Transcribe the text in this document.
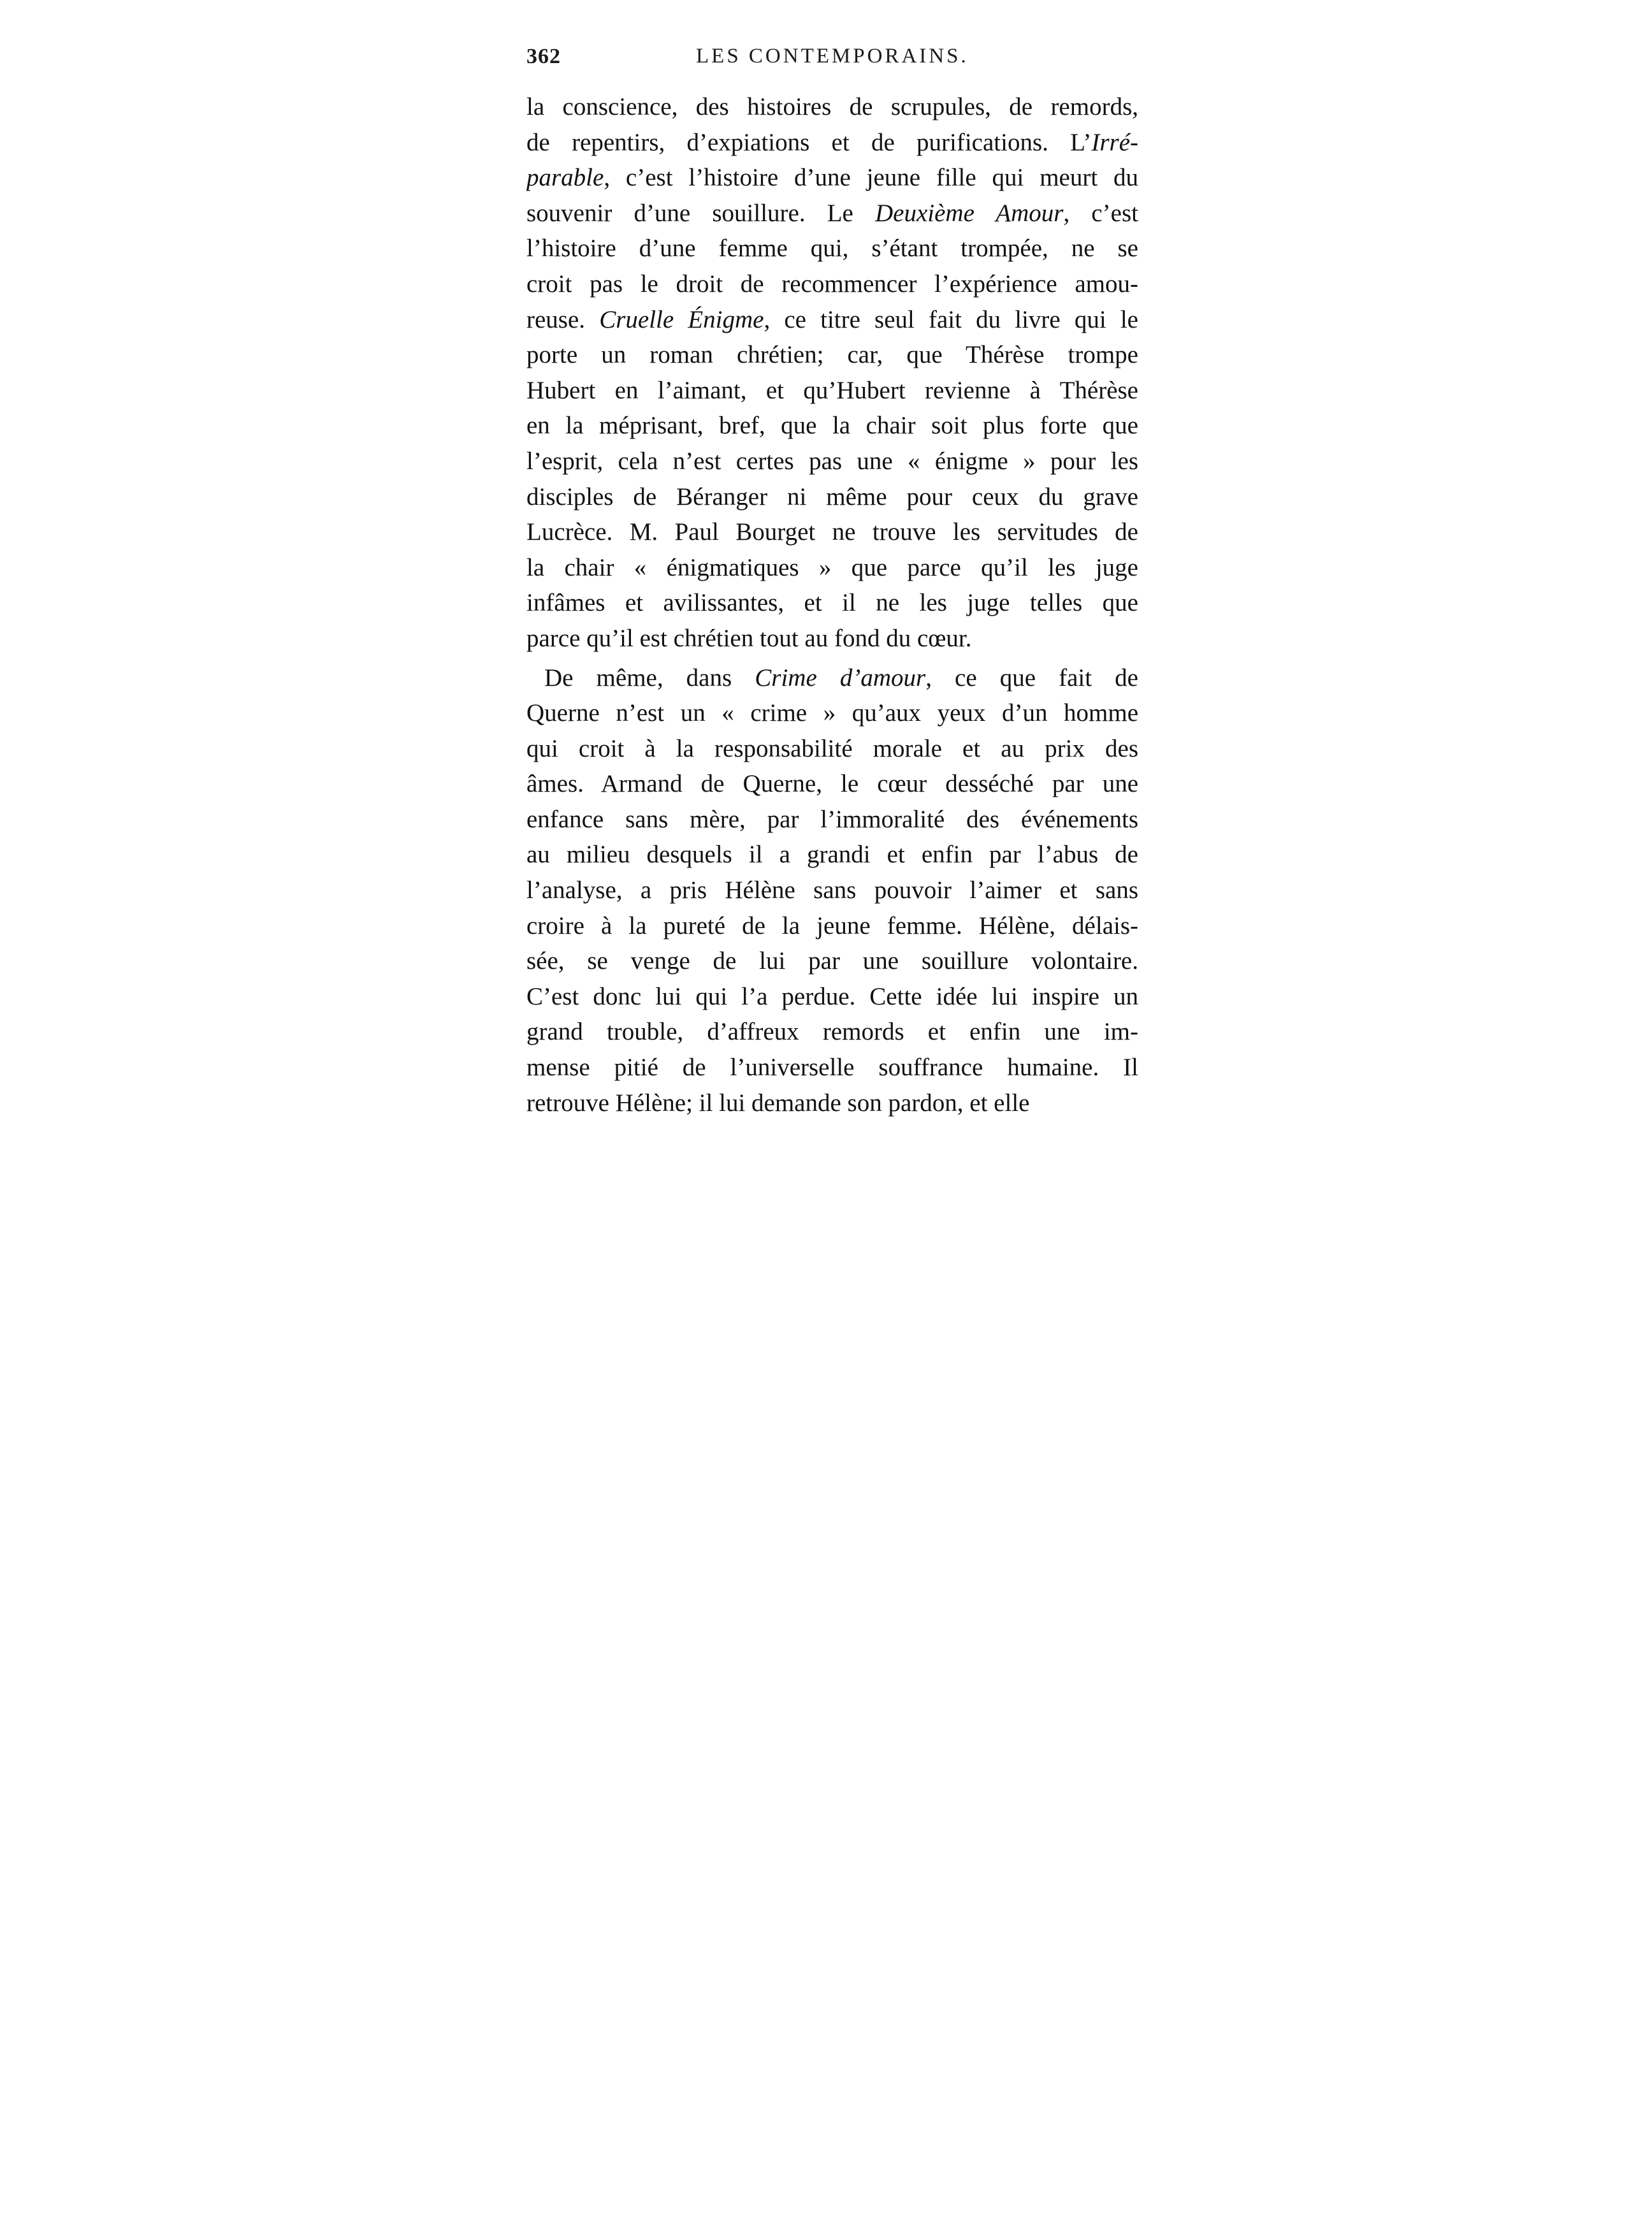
362	LES CONTEMPORAINS.
la conscience, des histoires de scrupules, de remords,
de repentirs, d’expiations et de purifications. L’Irré-
parable, c’est l’histoire d’une jeune fille qui meurt du
souvenir d’une souillure. Le Deuxième Amour, c’est
l’histoire d’une femme qui, s’étant trompée, ne se
croit pas le droit de recommencer l’expérience amou-
reuse. Cruelle Énigme, ce titre seul fait du livre qui le
porte un roman chrétien; car, que Thérèse trompe
Hubert en l’aimant, et qu’Hubert revienne à Thérèse
en la méprisant, bref, que la chair soit plus forte que
l’esprit, cela n’est certes pas une « énigme » pour les
disciples de Béranger ni même pour ceux du grave
Lucrèce. M. Paul Bourget ne trouve les servitudes de
la chair « énigmatiques » que parce qu’il les juge
infâmes et avilissantes, et il ne les juge telles que
parce qu’il est chrétien tout au fond du cœur.
De même, dans Crime d’amour, ce que fait de
Querne n’est un « crime » qu’aux yeux d’un homme
qui croit à la responsabilité morale et au prix des
âmes. Armand de Querne, le cœur desséché par une
enfance sans mère, par l’immoralité des événements
au milieu desquels il a grandi et enfin par l’abus de
l’analyse, a pris Hélène sans pouvoir l’aimer et sans
croire à la pureté de la jeune femme. Hélène, délais-
sée, se venge de lui par une souillure volontaire.
C’est donc lui qui l’a perdue. Cette idée lui inspire un
grand trouble, d’affreux remords et enfin une im-
mense pitié de l’universelle souffrance humaine. Il
retrouve Hélène; il lui demande son pardon, et elle
